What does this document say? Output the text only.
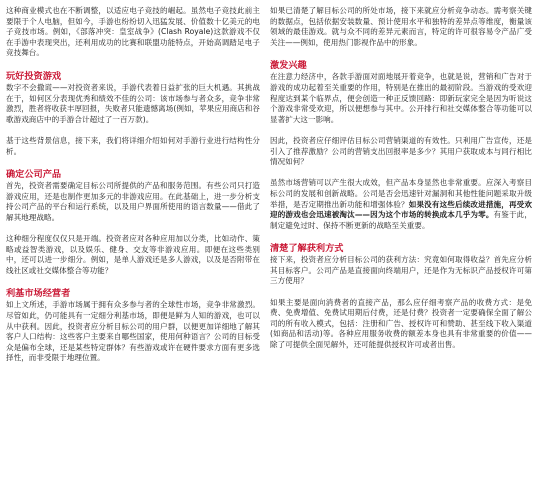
这种商业模式也在不断调整，以适应电子竞技的崛起。虽然电子竞技此前主要限于个人电脑，但如今，手游也纷纷切入迅猛发展、价值数十亿美元的电子竞技市场。例如，《部落冲突：皇室战争》(Clash Royale)这款游戏不仅在手游中表现突出，还利用成功的比赛和联盟功能特点，开始高调踏足电子竞技舞台。

玩好投资游戏

数字不会撒谎——对投资者来说，手游代表着日益扩张的巨大机遇。其挑战在于，如何区分表现优秀和绩效不佳的公司：该市场参与者众多，竞争非常激烈，胜者将收获丰厚回报，失败者只能遗憾离场(例如，苹果应用商店和谷歌游戏商店中的手游合计超过了一百万款)。

基于这些背景信息，接下来，我们将详细介绍如何对手游行业进行结构性分析。

确定公司产品

首先，投资者需要确定目标公司所提供的产品和服务范围。有些公司只打造游戏应用，还是也制作更加多元的非游戏应用。在此基础上，进一步分析支持公司产品的平台和运行系统，以及用户界面所使用的语言数量——借此了解其地理战略。

这种细分程度仅仅只是开端。投资者应对各种应用加以分类，比如动作、策略或益智类游戏，以及娱乐、健身、交友等非游戏应用。即便在这些类别中，还可以进一步细分。例如，是单人游戏还是多人游戏，以及是否附带在线社区或社交媒体整合等功能？

利基市场经营者

如上文所述，手游市场属于拥有众多参与者的全球性市场，竞争非常激烈。尽管如此，仍可能具有一定细分利基市场，即便是鲜为人知的游戏，也可以从中获利。因此，投资者应分析目标公司的用户群，以便更加详细地了解其客户人口结构：这些客户主要来自哪些国家，使用何种语言？公司的目标受众是偏布全球，还是某些特定群体？有些游戏或许在硬件要求方面有更多选择性，而非受限于地理位置。

如果已清楚了解目标公司的所处市场，接下来就应分析竞争动态。需考察关键的数据点，包括依据安装数量、预计使用水平和独特的差异点等维度，衡量该领域的最佳游戏。就与众不同的差异元素而言，特定的许可很容易令产品广受关注——例如，使用热门影视作品中的形象。

激发兴趣

在注意力经济中，各款手游面对面地展开着竞争，也就是说，营销和广告对于游戏的成功起着至关重要的作用，特别是在推出的最初阶段。当游戏的受欢迎程度达到某个临界点，便会创造一种正反馈回路：即新玩家完全是因为听说这个游戏非常受欢迎，所以便想参与其中。公开排行和社交媒体整合等功能可以显著扩大这一影响。

因此，投资者应仔细评估目标公司营销渠道的有效性。只利用广告宣传，还是引入了推荐激励？公司的营销支出回报率是多少？其用户获取成本与同行相比情况如何？

虽然市场营销可以产生很大成效，但产品本身显然也非常重要。应深入考察目标公司的发展和创新战略。公司是否会迅速针对漏洞和其他性能问题采取升级举措，是否定期推出新功能和增强体验？如果没有这些后续改进措施，再受欢迎的游戏也会迅速被淘汰——因为这个市场的转换成本几乎为零。有鉴于此，制定避免过时、保持不断更新的战略至关重要。

清楚了解获利方式

接下来，投资者应分析目标公司的获利方法：究竟如何取得收益？首先应分析其目标客户。公司产品是直接面向终端用户，还是作为无标识产品授权许可第三方使用？

如果主要是面向消费者的直接产品，那么应仔细考察产品的收费方式：是免费、免费增值、免费试用期后付费，还是付费？投资者一定要确保全面了解公司的所有收入模式，包括：注册和广告、授权许可和赞助、甚至线下收入渠道(如商品和活动)等。各种应用服务收费的额差本身也具有非常重要的价值——除了可提供全面见解外，还可能提供授权许可或者出售。
